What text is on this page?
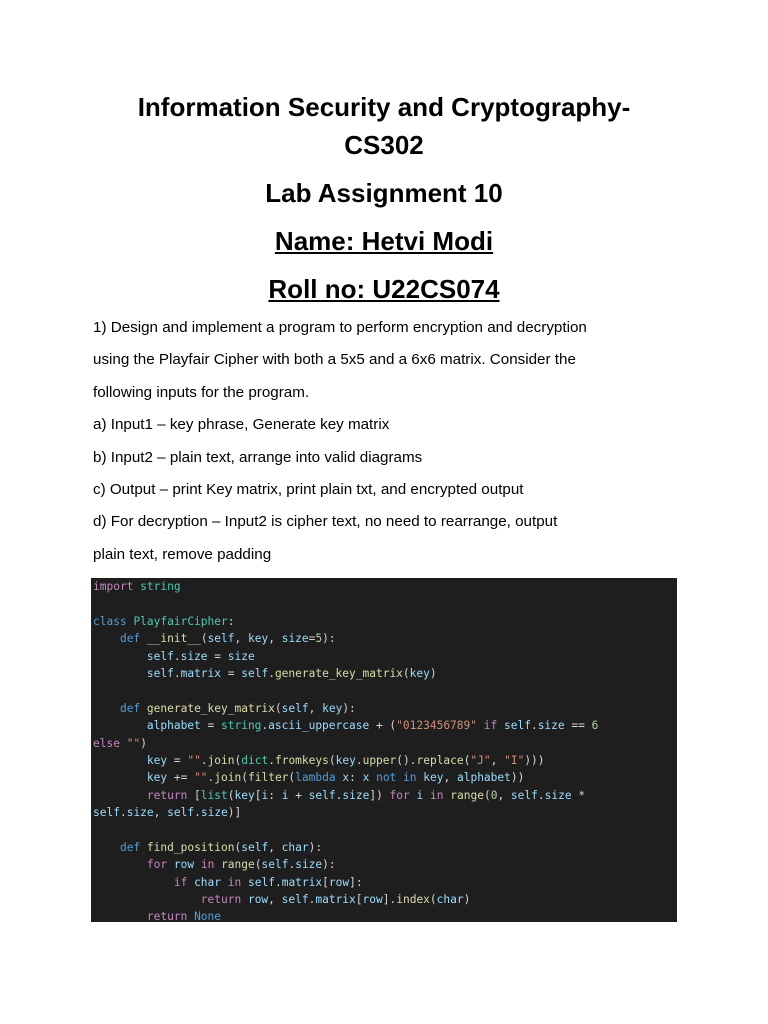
Information Security and Cryptography-
CS302
Lab Assignment 10
Name: Hetvi Modi
Roll no: U22CS074

1) Design and implement a program to perform encryption and decryption

using the Playfair Cipher with both a 5x5 and a 6x6 matrix. Consider the

following inputs for the program.

a) Input1 – key phrase, Generate key matrix

b) Input2 – plain text, arrange into valid diagrams

c) Output – print Key matrix, print plain txt, and encrypted output

d) For decryption – Input2 is cipher text, no need to rearrange, output

plain text, remove padding

import string

class PlayfairCipher:
def __init__(self, key, size=5):
self.size = size
self.matrix = self.generate_key_matrix(key)

def generate_key_matrix(self, key):
alphabet = string.ascii_uppercase + ("0123456789" if self.size == 6
else "")
key = "".join(dict.fromkeys(key.upper().replace("J", "I")))
key += "".join(filter(lambda x: x not in key, alphabet))
return [list(key[i: i + self.size]) for i in range(0, self.size *
self.size, self.size)]

def find_position(self, char):
for row in range(self.size):
if char in self.matrix[row]:
return row, self.matrix[row].index(char)
return None
